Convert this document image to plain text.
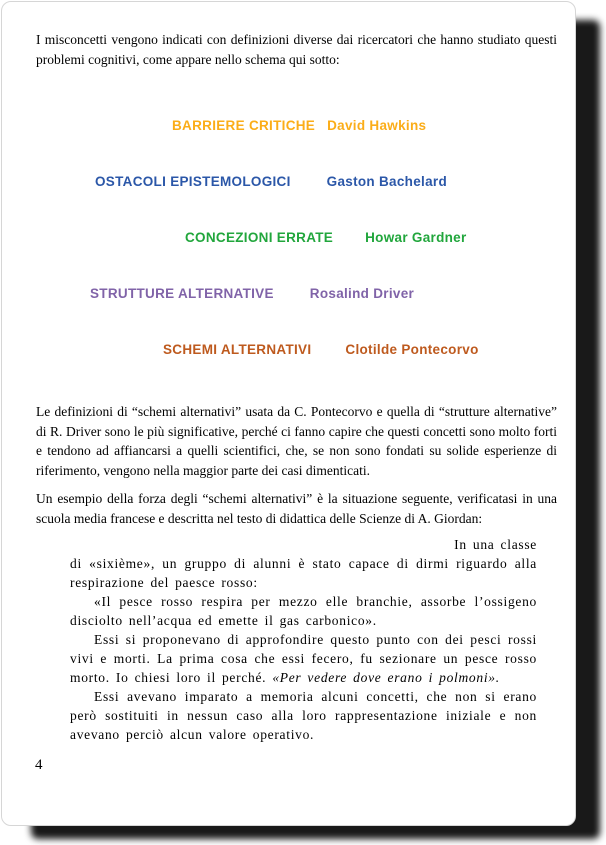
I misconcetti vengono indicati con definizioni diverse dai ricercatori che hanno studiato questi problemi cognitivi, come appare nello schema qui sotto:

BARRIERE CRITICHE David Hawkins
OSTACOLI EPISTEMOLOGICI	Gaston Bachelard
CONCEZIONI ERRATE Howar Gardner
STRUTTURE ALTERNATIVE	Rosalind Driver
SCHEMI ALTERNATIVI	Clotilde Pontecorvo

Le definizioni di “schemi alternativi” usata da C. Pontecorvo e quella di “strutture alternative” di R. Driver sono le più significative, perché ci fanno capire che questi concetti sono molto forti e tendono ad affiancarsi a quelli scientifici, che, se non sono fondati su solide esperienze di riferimento, vengono nella maggior parte dei casi dimenticati.

Un esempio della forza degli “schemi alternativi” è la situazione seguente, verificatasi in una scuola media francese e descritta nel testo di didattica delle Scienze di A. Giordan:

In una classe

di «sixième», un gruppo di alunni è stato capace di dirmi riguardo alla respirazione del paesce rosso:

«Il pesce rosso respira per mezzo elle branchie, assorbe l’ossigeno disciolto nell’acqua ed emette il gas carbonico».

Essi si proponevano di approfondire questo punto con dei pesci rossi vivi e morti. La prima cosa che essi fecero, fu sezionare un pesce rosso morto. Io chiesi loro il perché. «Per vedere dove erano i polmoni».

Essi avevano imparato a memoria alcuni concetti, che non si erano però sostituiti in nessun caso alla loro rappresentazione iniziale e non avevano perciò alcun valore operativo.

4
